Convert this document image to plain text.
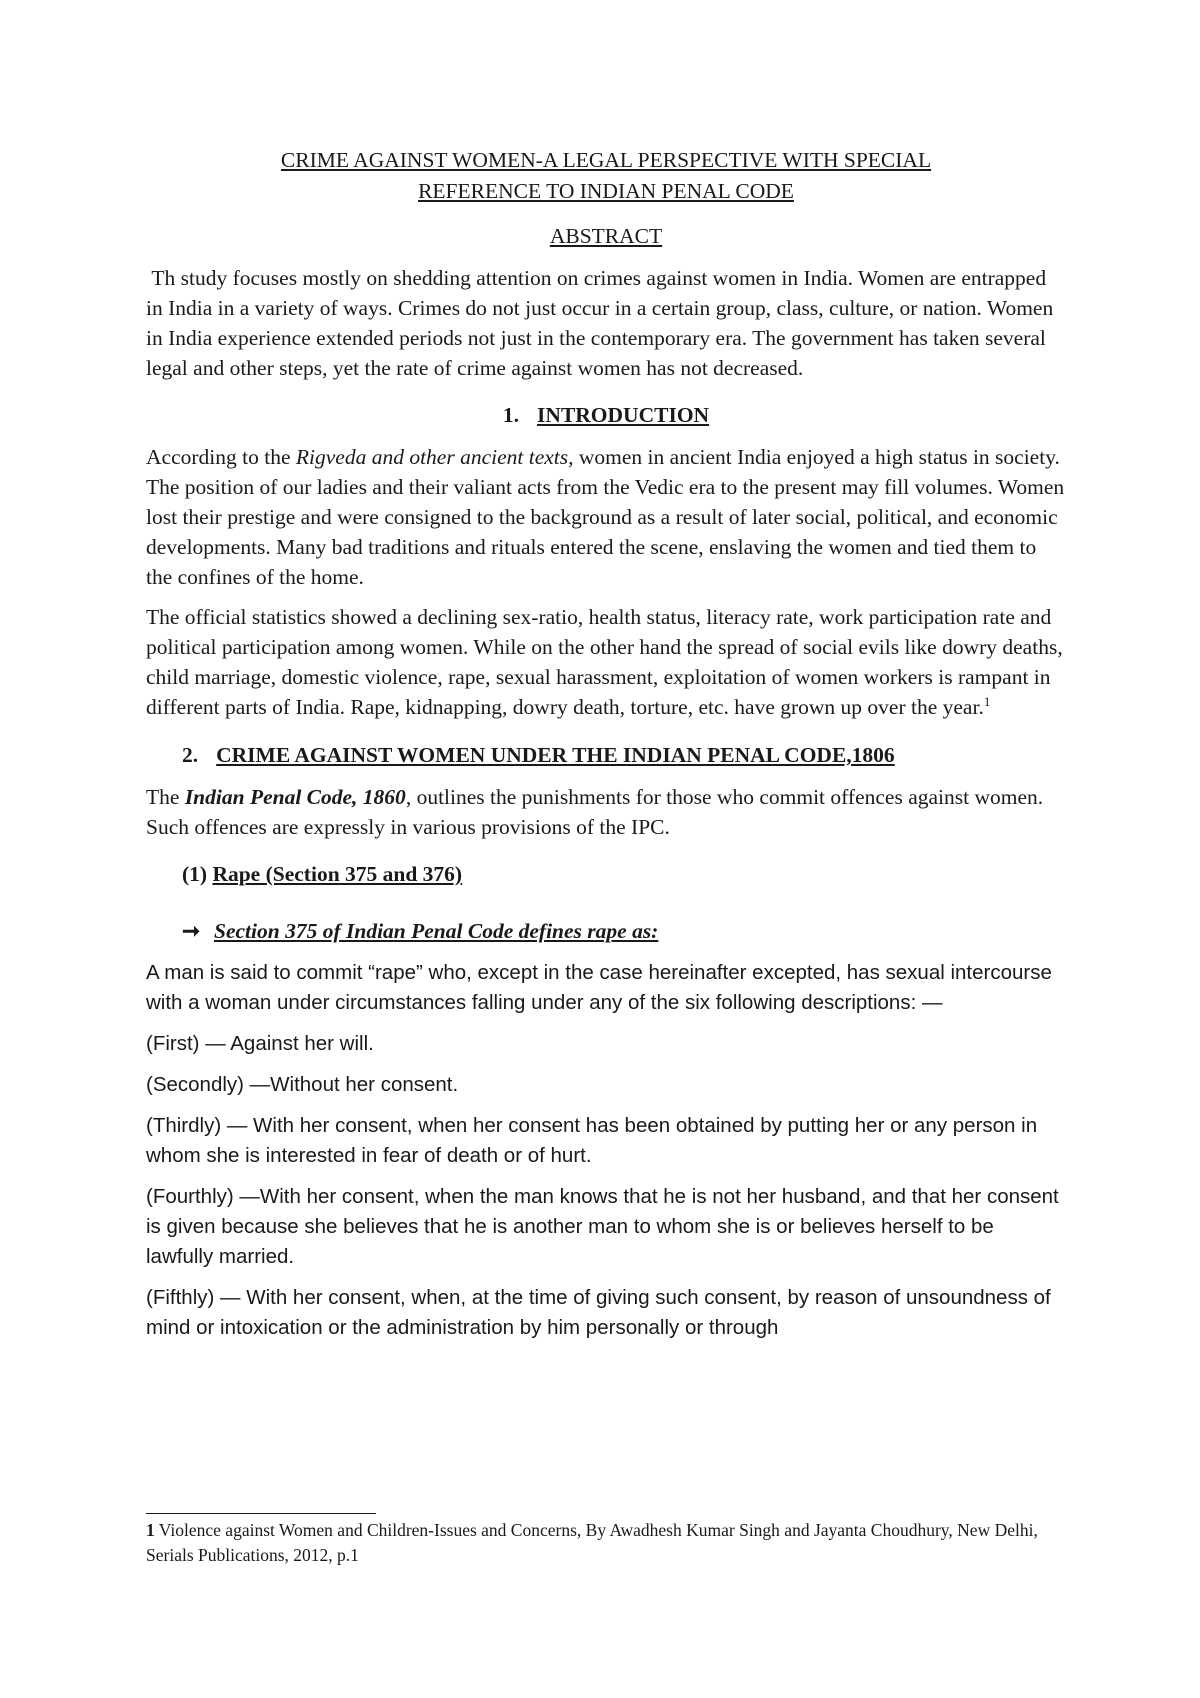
CRIME AGAINST WOMEN-A LEGAL PERSPECTIVE WITH SPECIAL

REFERENCE TO INDIAN PENAL CODE

ABSTRACT

Th study focuses mostly on shedding attention on crimes against women in India. Women are entrapped in India in a variety of ways. Crimes do not just occur in a certain group, class, culture, or nation. Women in India experience extended periods not just in the contemporary era. The government has taken several legal and other steps, yet the rate of crime against women has not decreased.

1. INTRODUCTION

According to the Rigveda and other ancient texts, women in ancient India enjoyed a high status in society. The position of our ladies and their valiant acts from the Vedic era to the present may fill volumes. Women lost their prestige and were consigned to the background as a result of later social, political, and economic developments. Many bad traditions and rituals entered the scene, enslaving the women and tied them to the confines of the home.

The official statistics showed a declining sex-ratio, health status, literacy rate, work participation rate and political participation among women. While on the other hand the spread of social evils like dowry deaths, child marriage, domestic violence, rape, sexual harassment, exploitation of women workers is rampant in different parts of India. Rape, kidnapping, dowry death, torture, etc. have grown up over the year.$^1$

2. CRIME AGAINST WOMEN UNDER THE INDIAN PENAL CODE,1806

The Indian Penal Code, 1860, outlines the punishments for those who commit offences against women. Such offences are expressly in various provisions of the IPC.

(1) Rape (Section 375 and 376)

➞ Section 375 of Indian Penal Code defines rape as:

A man is said to commit “rape” who, except in the case hereinafter excepted, has sexual intercourse with a woman under circumstances falling under any of the six following descriptions: —

(First) — Against her will.

(Secondly) —Without her consent.

(Thirdly) — With her consent, when her consent has been obtained by putting her or any person in whom she is interested in fear of death or of hurt.

(Fourthly) —With her consent, when the man knows that he is not her husband, and that her consent is given because she believes that he is another man to whom she is or believes herself to be lawfully married.

(Fifthly) — With her consent, when, at the time of giving such consent, by reason of unsoundness of mind or intoxication or the administration by him personally or through

1 Violence against Women and Children-Issues and Concerns, By Awadhesh Kumar Singh and Jayanta Choudhury, New Delhi, Serials Publications, 2012, p.1
